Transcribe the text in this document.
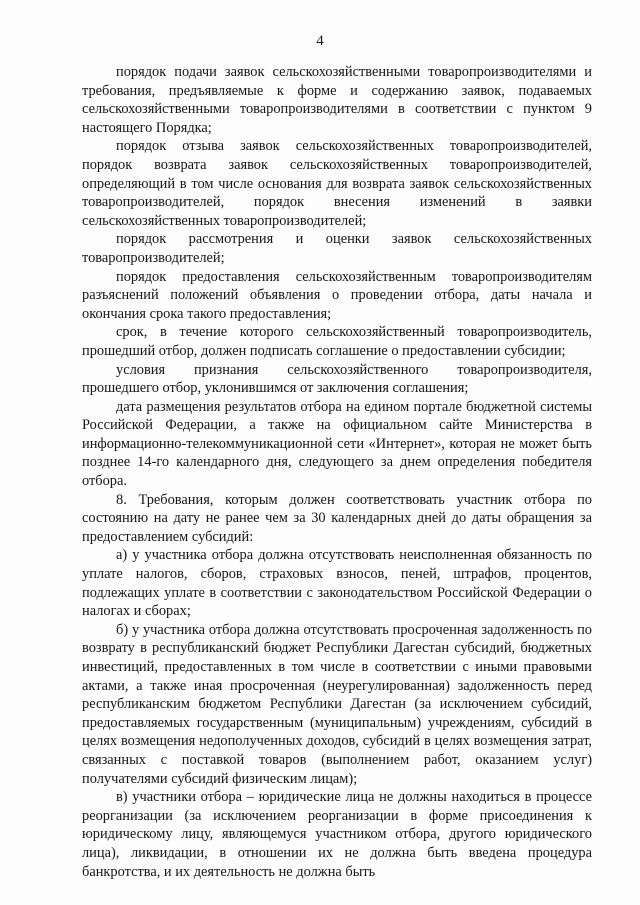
4

порядок подачи заявок сельскохозяйственными товаропроизводителями и требования, предъявляемые к форме и содержанию заявок, подаваемых сельскохозяйственными товаропроизводителями в соответствии с пунктом 9 настоящего Порядка;

порядок отзыва заявок сельскохозяйственных товаропроизводителей, порядок возврата заявок сельскохозяйственных товаропроизводителей, определяющий в том числе основания для возврата заявок сельскохозяйственных товаропроизводителей, порядок внесения изменений в заявки сельскохозяйственных товаропроизводителей;

порядок рассмотрения и оценки заявок сельскохозяйственных товаропроизводителей;

порядок предоставления сельскохозяйственным товаропроизводителям разъяснений положений объявления о проведении отбора, даты начала и окончания срока такого предоставления;

срок, в течение которого сельскохозяйственный товаропроизводитель, прошедший отбор, должен подписать соглашение о предоставлении субсидии;

условия признания сельскохозяйственного товаропроизводителя, прошедшего отбор, уклонившимся от заключения соглашения;

дата размещения результатов отбора на едином портале бюджетной системы Российской Федерации, а также на официальном сайте Министерства в информационно-телекоммуникационной сети «Интернет», которая не может быть позднее 14-го календарного дня, следующего за днем определения победителя отбора.

8. Требования, которым должен соответствовать участник отбора по состоянию на дату не ранее чем за 30 календарных дней до даты обращения за предоставлением субсидий:

а) у участника отбора должна отсутствовать неисполненная обязанность по уплате налогов, сборов, страховых взносов, пеней, штрафов, процентов, подлежащих уплате в соответствии с законодательством Российской Федерации о налогах и сборах;

б) у участника отбора должна отсутствовать просроченная задолженность по возврату в республиканский бюджет Республики Дагестан субсидий, бюджетных инвестиций, предоставленных в том числе в соответствии с иными правовыми актами, а также иная просроченная (неурегулированная) задолженность перед республиканским бюджетом Республики Дагестан (за исключением субсидий, предоставляемых государственным (муниципальным) учреждениям, субсидий в целях возмещения недополученных доходов, субсидий в целях возмещения затрат, связанных с поставкой товаров (выполнением работ, оказанием услуг) получателями субсидий физическим лицам);

в) участники отбора – юридические лица не должны находиться в процессе реорганизации (за исключением реорганизации в форме присоединения к юридическому лицу, являющемуся участником отбора, другого юридического лица), ликвидации, в отношении их не должна быть введена процедура банкротства, и их деятельность не должна быть
